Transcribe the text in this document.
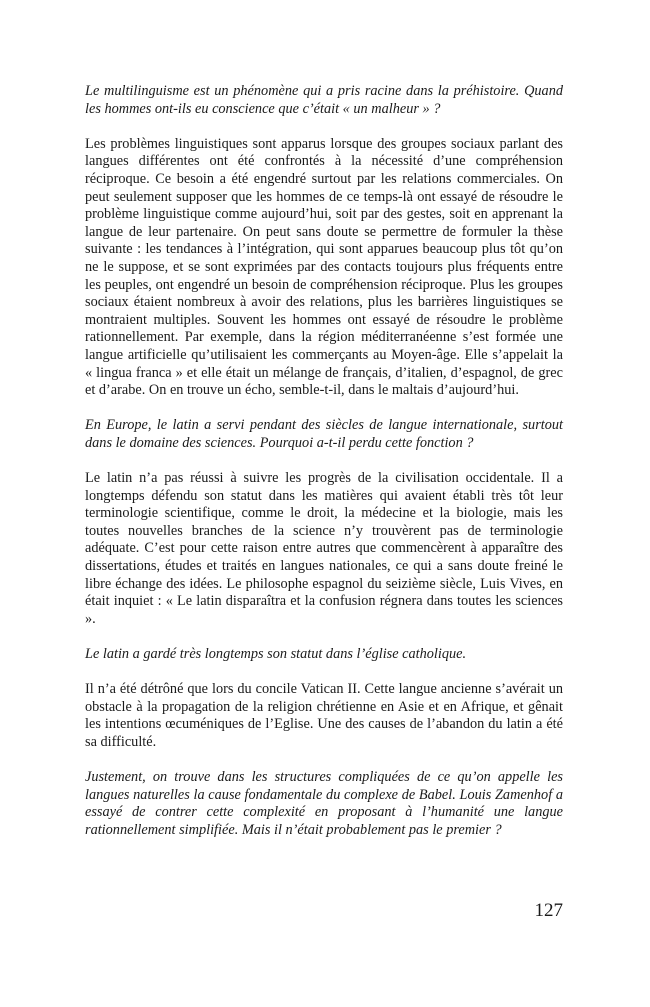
Le multilinguisme est un phénomène qui a pris racine dans la préhistoire. Quand les hommes ont-ils eu conscience que c’était « un malheur » ?

Les problèmes linguistiques sont apparus lorsque des groupes sociaux parlant des langues différentes ont été confrontés à la nécessité d’une compréhension réciproque. Ce besoin a été engendré surtout par les relations commerciales. On peut seulement supposer que les hommes de ce temps-là ont essayé de résoudre le problème linguistique comme aujourd’hui, soit par des gestes, soit en apprenant la langue de leur partenaire. On peut sans doute se permettre de formuler la thèse suivante : les tendances à l’intégration, qui sont apparues beaucoup plus tôt qu’on ne le suppose, et se sont exprimées par des contacts toujours plus fréquents entre les peuples, ont engendré un besoin de compréhension réciproque. Plus les groupes sociaux étaient nombreux à avoir des relations, plus les barrières linguistiques se montraient multiples. Souvent les hommes ont essayé de résoudre le problème rationnellement. Par exemple, dans la région méditerranéenne s’est formée une langue artificielle qu’utilisaient les commerçants au Moyen-âge. Elle s’appelait la « lingua franca » et elle était un mélange de français, d’italien, d’espagnol, de grec et d’arabe. On en trouve un écho, semble-t-il, dans le maltais d’aujourd’hui.

En Europe, le latin a servi pendant des siècles de langue internationale, surtout dans le domaine des sciences. Pourquoi a-t-il perdu cette fonction ?

Le latin n’a pas réussi à suivre les progrès de la civilisation occidentale. Il a longtemps défendu son statut dans les matières qui avaient établi très tôt leur terminologie scientifique, comme le droit, la médecine et la biologie, mais les toutes nouvelles branches de la science n’y trouvèrent pas de terminologie adéquate. C’est pour cette raison entre autres que commencèrent à apparaître des dissertations, études et traités en langues nationales, ce qui a sans doute freiné le libre échange des idées. Le philosophe espagnol du seizième siècle, Luis Vives, en était inquiet : « Le latin disparaîtra et la confusion régnera dans toutes les sciences ».

Le latin a gardé très longtemps son statut dans l’église catholique.

Il n’a été détrôné que lors du concile Vatican II. Cette langue ancienne s’avérait un obstacle à la propagation de la religion chrétienne en Asie et en Afrique, et gênait les intentions œcuméniques de l’Eglise. Une des causes de l’abandon du latin a été sa difficulté.

Justement, on trouve dans les structures compliquées de ce qu’on appelle les langues naturelles la cause fondamentale du complexe de Babel. Louis Zamenhof a essayé de contrer cette complexité en proposant à l’humanité une langue rationnellement simplifiée. Mais il n’était probablement pas le premier ?

127
